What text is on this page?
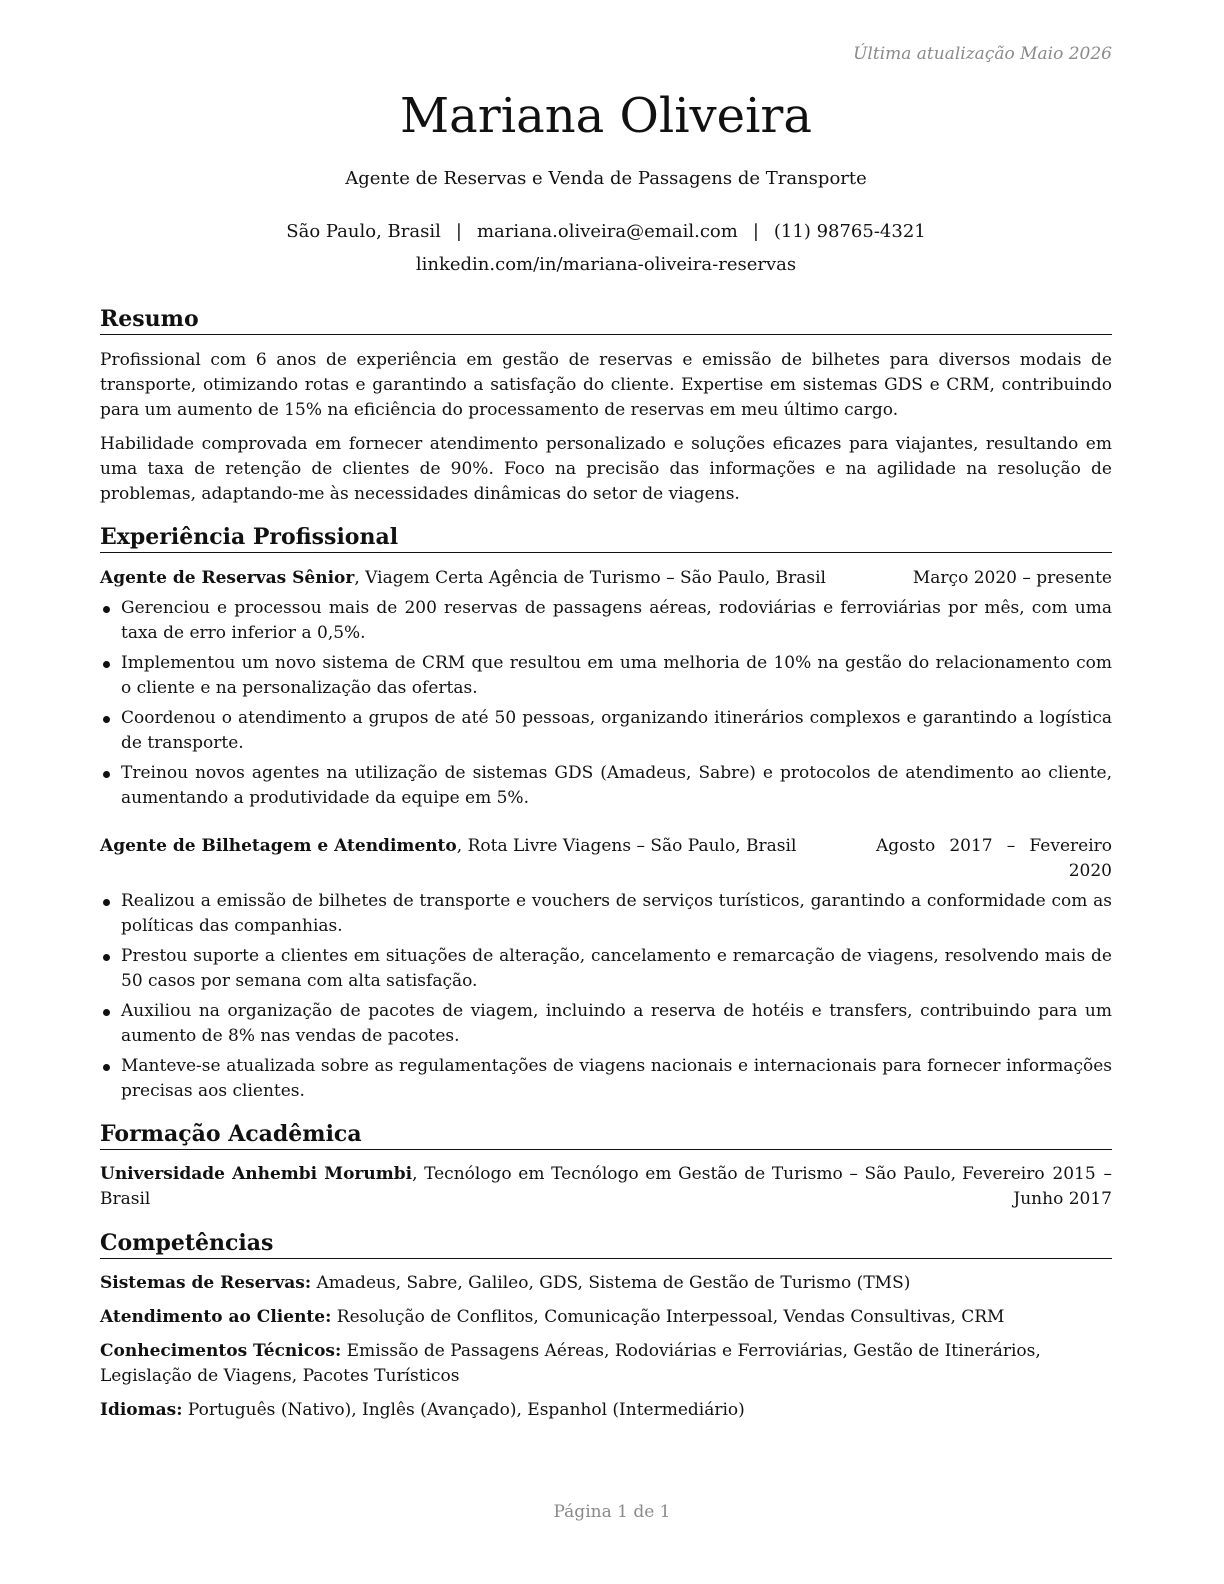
Última atualização Maio 2026
Mariana Oliveira
Agente de Reservas e Venda de Passagens de Transporte
São Paulo, Brasil | mariana.oliveira@email.com | (11) 98765-4321
linkedin.com/in/mariana-oliveira-reservas
Resumo
Profissional com 6 anos de experiência em gestão de reservas e emissão de bilhetes para diversos modais de transporte, otimizando rotas e garantindo a satisfação do cliente. Expertise em sistemas GDS e CRM, contribuindo para um aumento de 15% na eficiência do processamento de reservas em meu último cargo.
Habilidade comprovada em fornecer atendimento personalizado e soluções eficazes para viajantes, resultando em uma taxa de retenção de clientes de 90%. Foco na precisão das informações e na agilidade na resolução de problemas, adaptando-me às necessidades dinâmicas do setor de viagens.
Experiência Profissional
Agente de Reservas Sênior, Viagem Certa Agência de Turismo – São Paulo, Brasil	Março 2020 – presente
Gerenciou e processou mais de 200 reservas de passagens aéreas, rodoviárias e ferroviárias por mês, com uma taxa de erro inferior a 0,5%.
Implementou um novo sistema de CRM que resultou em uma melhoria de 10% na gestão do relacionamento com o cliente e na personalização das ofertas.
Coordenou o atendimento a grupos de até 50 pessoas, organizando itinerários complexos e garantindo a logística de transporte.
Treinou novos agentes na utilização de sistemas GDS (Amadeus, Sabre) e protocolos de atendimento ao cliente, aumentando a produtividade da equipe em 5%.
Agente de Bilhetagem e Atendimento, Rota Livre Viagens – São Paulo, Brasil	Agosto 2017 – Fevereiro 2020
Realizou a emissão de bilhetes de transporte e vouchers de serviços turísticos, garantindo a conformidade com as políticas das companhias.
Prestou suporte a clientes em situações de alteração, cancelamento e remarcação de viagens, resolvendo mais de 50 casos por semana com alta satisfação.
Auxiliou na organização de pacotes de viagem, incluindo a reserva de hotéis e transfers, contribuindo para um aumento de 8% nas vendas de pacotes.
Manteve-se atualizada sobre as regulamentações de viagens nacionais e internacionais para fornecer informações precisas aos clientes.
Formação Acadêmica
Universidade Anhembi Morumbi, Tecnólogo em Tecnólogo em Gestão de Turismo – São Paulo, Brasil
Fevereiro 2015 – Junho 2017
Competências
Sistemas de Reservas: Amadeus, Sabre, Galileo, GDS, Sistema de Gestão de Turismo (TMS)
Atendimento ao Cliente: Resolução de Conflitos, Comunicação Interpessoal, Vendas Consultivas, CRM
Conhecimentos Técnicos: Emissão de Passagens Aéreas, Rodoviárias e Ferroviárias, Gestão de Itinerários, Legislação de Viagens, Pacotes Turísticos
Idiomas: Português (Nativo), Inglês (Avançado), Espanhol (Intermediário)
Página 1 de 1
